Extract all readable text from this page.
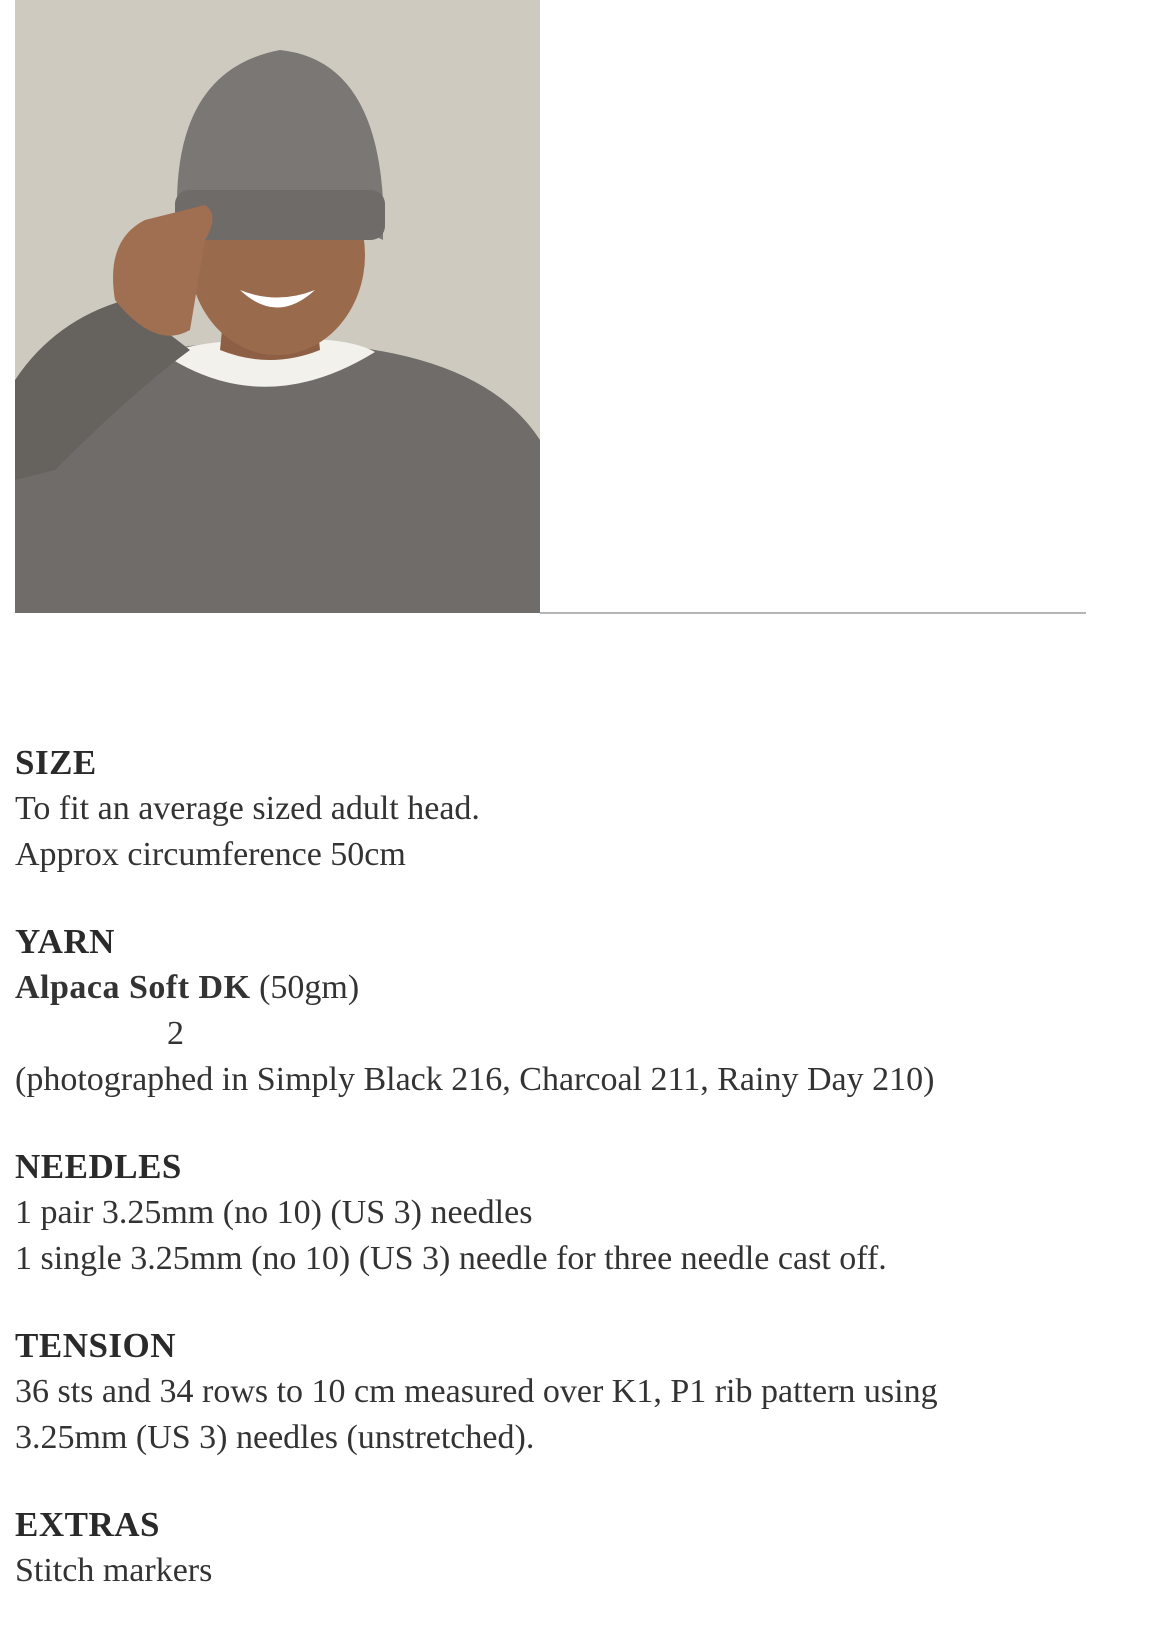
SIZE
To fit an average sized adult head.
Approx circumference 50cm
YARN
Alpaca Soft DK (50gm)
2
(photographed in Simply Black 216, Charcoal 211, Rainy Day 210)
NEEDLES
1 pair 3.25mm (no 10) (US 3) needles
1 single 3.25mm (no 10) (US 3) needle for three needle cast off.
TENSION
36 sts and 34 rows to 10 cm measured over K1, P1 rib pattern using
3.25mm (US 3) needles (unstretched).
EXTRAS
Stitch markers
